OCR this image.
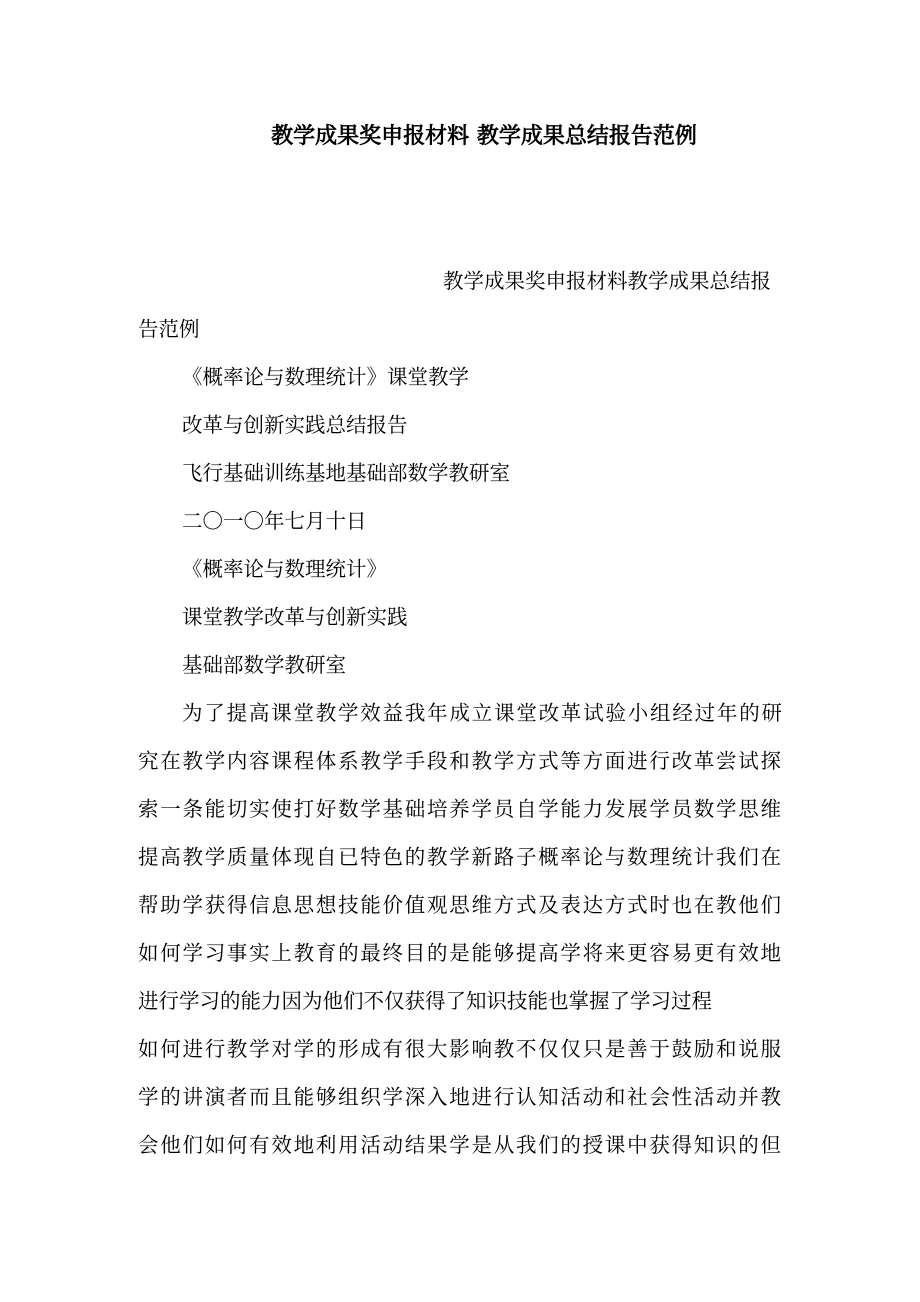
教学成果奖申报材料 教学成果总结报告范例
教学成果奖申报材料教学成果总结报
告范例
《概率论与数理统计》课堂教学
改革与创新实践总结报告
飞行基础训练基地基础部数学教研室
二〇一〇年七月十日
《概率论与数理统计》
课堂教学改革与创新实践
基础部数学教研室
为了提高课堂教学效益我年成立课堂改革试验小组经过年的研
究在教学内容课程体系教学手段和教学方式等方面进行改革尝试探
索一条能切实使打好数学基础培养学员自学能力发展学员数学思维
提高教学质量体现自已特色的教学新路子概率论与数理统计我们在
帮助学获得信息思想技能价值观思维方式及表达方式时也在教他们
如何学习事实上教育的最终目的是能够提高学将来更容易更有效地
进行学习的能力因为他们不仅获得了知识技能也掌握了学习过程
如何进行教学对学的形成有很大影响教不仅仅只是善于鼓励和说服
学的讲演者而且能够组织学深入地进行认知活动和社会性活动并教
会他们如何有效地利用活动结果学是从我们的授课中获得知识的但
